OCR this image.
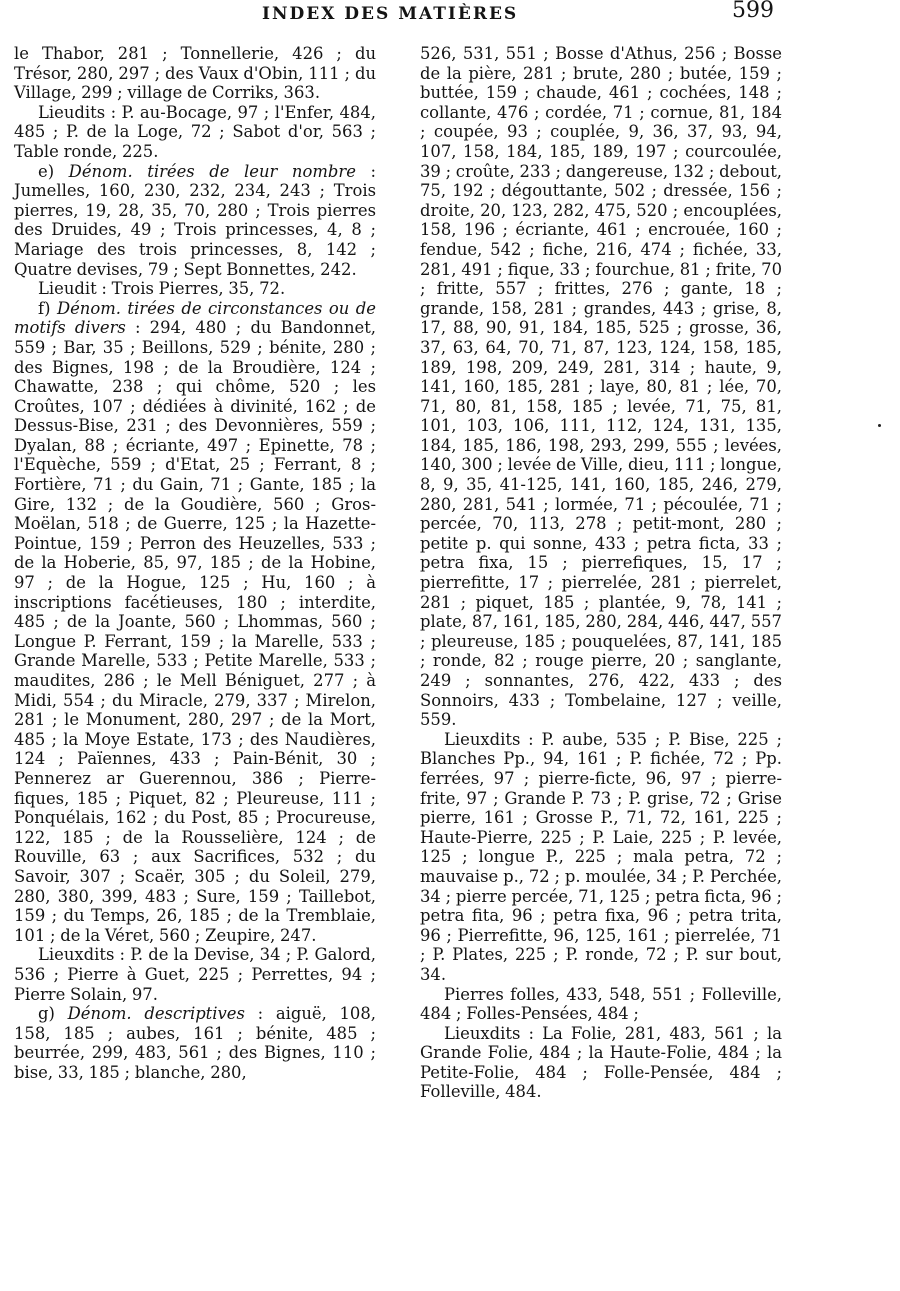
INDEX DES MATIÈRES	599

le Thabor, 281 ; Tonnellerie, 426 ; du Trésor, 280, 297 ; des Vaux d'Obin, 111 ; du Village, 299 ; village de Corriks, 363.

Lieudits : P. au-Bocage, 97 ; l'Enfer, 484, 485 ; P. de la Loge, 72 ; Sabot d'or, 563 ; Table ronde, 225.

e) Dénom. tirées de leur nombre : Jumelles, 160, 230, 232, 234, 243 ; Trois pierres, 19, 28, 35, 70, 280 ; Trois pierres des Druides, 49 ; Trois princesses, 4, 8 ; Mariage des trois princesses, 8, 142 ; Quatre devises, 79 ; Sept Bonnettes, 242.

Lieudit : Trois Pierres, 35, 72.

f) Dénom. tirées de circonstances ou de motifs divers : 294, 480 ; du Bandonnet, 559 ; Bar, 35 ; Beillons, 529 ; bénite, 280 ; des Bignes, 198 ; de la Broudière, 124 ; Chawatte, 238 ; qui chôme, 520 ; les Croûtes, 107 ; dédiées à divinité, 162 ; de Dessus-Bise, 231 ; des Devonnières, 559 ; Dyalan, 88 ; écriante, 497 ; Epinette, 78 ; l'Equèche, 559 ; d'Etat, 25 ; Ferrant, 8 ; Fortière, 71 ; du Gain, 71 ; Gante, 185 ; la Gire, 132 ; de la Goudière, 560 ; Gros-Moëlan, 518 ; de Guerre, 125 ; la Hazette-Pointue, 159 ; Perron des Heuzelles, 533 ; de la Hoberie, 85, 97, 185 ; de la Hobine, 97 ; de la Hogue, 125 ; Hu, 160 ; à inscriptions facétieuses, 180 ; interdite, 485 ; de la Joante, 560 ; Lhommas, 560 ; Longue P. Ferrant, 159 ; la Marelle, 533 ; Grande Marelle, 533 ; Petite Marelle, 533 ; maudites, 286 ; le Mell Béniguet, 277 ; à Midi, 554 ; du Miracle, 279, 337 ; Mirelon, 281 ; le Monument, 280, 297 ; de la Mort, 485 ; la Moye Estate, 173 ; des Naudières, 124 ; Païennes, 433 ; Pain-Bénit, 30 ; Pennerez ar Guerennou, 386 ; Pierre-fiques, 185 ; Piquet, 82 ; Pleureuse, 111 ; Ponquélais, 162 ; du Post, 85 ; Procureuse, 122, 185 ; de la Rousselière, 124 ; de Rouville, 63 ; aux Sacrifices, 532 ; du Savoir, 307 ; Scaër, 305 ; du Soleil, 279, 280, 380, 399, 483 ; Sure, 159 ; Taillebot, 159 ; du Temps, 26, 185 ; de la Tremblaie, 101 ; de la Véret, 560 ; Zeupire, 247.

Lieuxdits : P. de la Devise, 34 ; P. Galord, 536 ; Pierre à Guet, 225 ; Perrettes, 94 ; Pierre Solain, 97.

g) Dénom. descriptives : aiguë, 108, 158, 185 ; aubes, 161 ; bénite, 485 ; beurrée, 299, 483, 561 ; des Bignes, 110 ; bise, 33, 185 ; blanche, 280,

526, 531, 551 ; Bosse d'Athus, 256 ; Bosse de la pière, 281 ; brute, 280 ; butée, 159 ; buttée, 159 ; chaude, 461 ; cochées, 148 ; collante, 476 ; cordée, 71 ; cornue, 81, 184 ; coupée, 93 ; couplée, 9, 36, 37, 93, 94, 107, 158, 184, 185, 189, 197 ; courcoulée, 39 ; croûte, 233 ; dangereuse, 132 ; debout, 75, 192 ; dégouttante, 502 ; dressée, 156 ; droite, 20, 123, 282, 475, 520 ; encouplées, 158, 196 ; écriante, 461 ; encrouée, 160 ; fendue, 542 ; fiche, 216, 474 ; fichée, 33, 281, 491 ; fique, 33 ; fourchue, 81 ; frite, 70 ; fritte, 557 ; frittes, 276 ; gante, 18 ; grande, 158, 281 ; grandes, 443 ; grise, 8, 17, 88, 90, 91, 184, 185, 525 ; grosse, 36, 37, 63, 64, 70, 71, 87, 123, 124, 158, 185, 189, 198, 209, 249, 281, 314 ; haute, 9, 141, 160, 185, 281 ; laye, 80, 81 ; lée, 70, 71, 80, 81, 158, 185 ; levée, 71, 75, 81, 101, 103, 106, 111, 112, 124, 131, 135, 184, 185, 186, 198, 293, 299, 555 ; levées, 140, 300 ; levée de Ville, dieu, 111 ; longue, 8, 9, 35, 41-125, 141, 160, 185, 246, 279, 280, 281, 541 ; lormée, 71 ; pécoulée, 71 ; percée, 70, 113, 278 ; petit-mont, 280 ; petite p. qui sonne, 433 ; petra ficta, 33 ; petra fixa, 15 ; pierrefiques, 15, 17 ; pierrefitte, 17 ; pierrelée, 281 ; pierrelet, 281 ; piquet, 185 ; plantée, 9, 78, 141 ; plate, 87, 161, 185, 280, 284, 446, 447, 557 ; pleureuse, 185 ; pouquelées, 87, 141, 185 ; ronde, 82 ; rouge pierre, 20 ; sanglante, 249 ; sonnantes, 276, 422, 433 ; des Sonnoirs, 433 ; Tombelaine, 127 ; veille, 559.

Lieuxdits : P. aube, 535 ; P. Bise, 225 ; Blanches Pp., 94, 161 ; P. fichée, 72 ; Pp. ferrées, 97 ; pierre-ficte, 96, 97 ; pierre-frite, 97 ; Grande P. 73 ; P. grise, 72 ; Grise pierre, 161 ; Grosse P., 71, 72, 161, 225 ; Haute-Pierre, 225 ; P. Laie, 225 ; P. levée, 125 ; longue P., 225 ; mala petra, 72 ; mauvaise p., 72 ; p. moulée, 34 ; P. Perchée, 34 ; pierre percée, 71, 125 ; petra ficta, 96 ; petra fita, 96 ; petra fixa, 96 ; petra trita, 96 ; Pierrefitte, 96, 125, 161 ; pierrelée, 71 ; P. Plates, 225 ; P. ronde, 72 ; P. sur bout, 34.

Pierres folles, 433, 548, 551 ; Folleville, 484 ; Folles-Pensées, 484 ;

Lieuxdits : La Folie, 281, 483, 561 ; la Grande Folie, 484 ; la Haute-Folie, 484 ; la Petite-Folie, 484 ; Folle-Pensée, 484 ; Folleville, 484.
